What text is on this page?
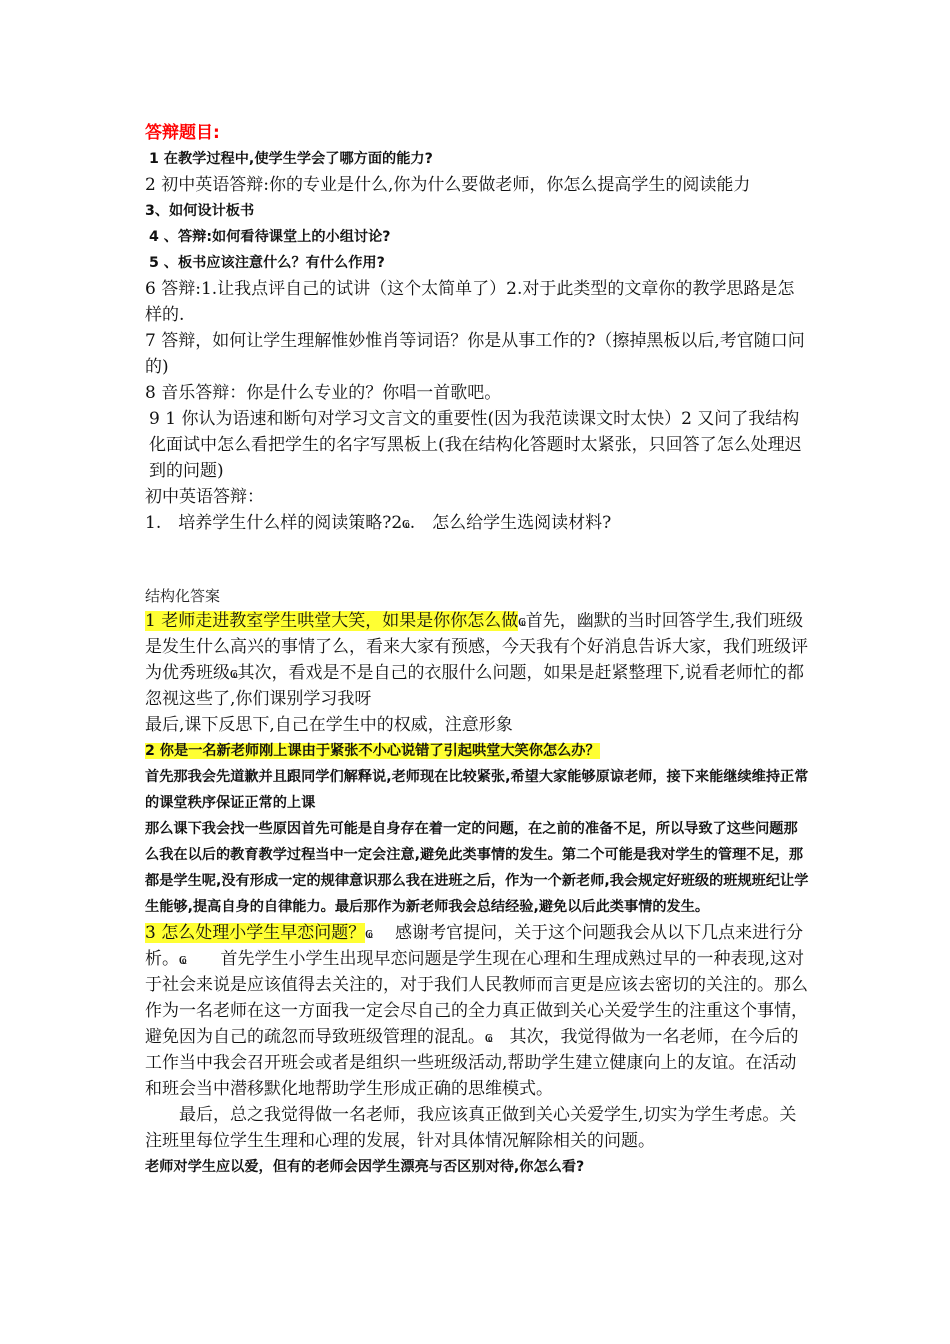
答辩题目:

1 在教学过程中,使学生学会了哪方面的能力?

2 初中英语答辩:你的专业是什么,你为什么要做老师，你怎么提高学生的阅读能力

3、如何设计板书

4 、答辩:如何看待课堂上的小组讨论?

5 、板书应该注意什么？有什么作用?

6 答辩:1.让我点评自己的试讲（这个太简单了）2.对于此类型的文章你的教学思路是怎样的.

7 答辩，如何让学生理解惟妙惟肖等词语？你是从事工作的?（擦掉黑板以后,考官随口问的)

8 音乐答辩：你是什么专业的？你唱一首歌吧。

9 1 你认为语速和断句对学习文言文的重要性(因为我范读课文时太快）2 又问了我结构化面试中怎么看把学生的名字写黑板上(我在结构化答题时太紧张，只回答了怎么处理迟到的问题)

初中英语答辩：

1.　培养学生什么样的阅读策略?2ҩ.　怎么给学生选阅读材料?

结构化答案

1 老师走进教室学生哄堂大笑，如果是你你怎么做ҩ首先，幽默的当时回答学生,我们班级是发生什么高兴的事情了么，看来大家有预感，今天我有个好消息告诉大家，我们班级评为优秀班级ҩ其次，看戏是不是自己的衣服什么问题，如果是赶紧整理下,说看老师忙的都忽视这些了,你们课别学习我呀

最后,课下反思下,自己在学生中的权威，注意形象

2 你是一名新老师刚上课由于紧张不小心说错了引起哄堂大笑你怎么办？

首先那我会先道歉并且跟同学们解释说,老师现在比较紧张,希望大家能够原谅老师，接下来能继续维持正常的课堂秩序保证正常的上课

那么课下我会找一些原因首先可能是自身存在着一定的问题，在之前的准备不足，所以导致了这些问题那么我在以后的教育教学过程当中一定会注意,避免此类事情的发生。第二个可能是我对学生的管理不足，那都是学生呢,没有形成一定的规律意识那么我在进班之后，作为一个新老师,我会规定好班级的班规班纪让学生能够,提高自身的自律能力。最后那作为新老师我会总结经验,避免以后此类事情的发生。

3 怎么处理小学生早恋问题？ҩ　 感谢考官提问，关于这个问题我会从以下几点来进行分析。ҩ　　首先学生小学生出现早恋问题是学生现在心理和生理成熟过早的一种表现,这对于社会来说是应该值得去关注的，对于我们人民教师而言更是应该去密切的关注的。那么作为一名老师在这一方面我一定会尽自己的全力真正做到关心关爱学生的注重这个事情，避免因为自己的疏忽而导致班级管理的混乱。ҩ　其次，我觉得做为一名老师，在今后的工作当中我会召开班会或者是组织一些班级活动,帮助学生建立健康向上的友谊。在活动和班会当中潜移默化地帮助学生形成正确的思维模式。

最后，总之我觉得做一名老师，我应该真正做到关心关爱学生,切实为学生考虑。关注班里每位学生生理和心理的发展，针对具体情况解除相关的问题。

老师对学生应以爱，但有的老师会因学生漂亮与否区别对待,你怎么看?
